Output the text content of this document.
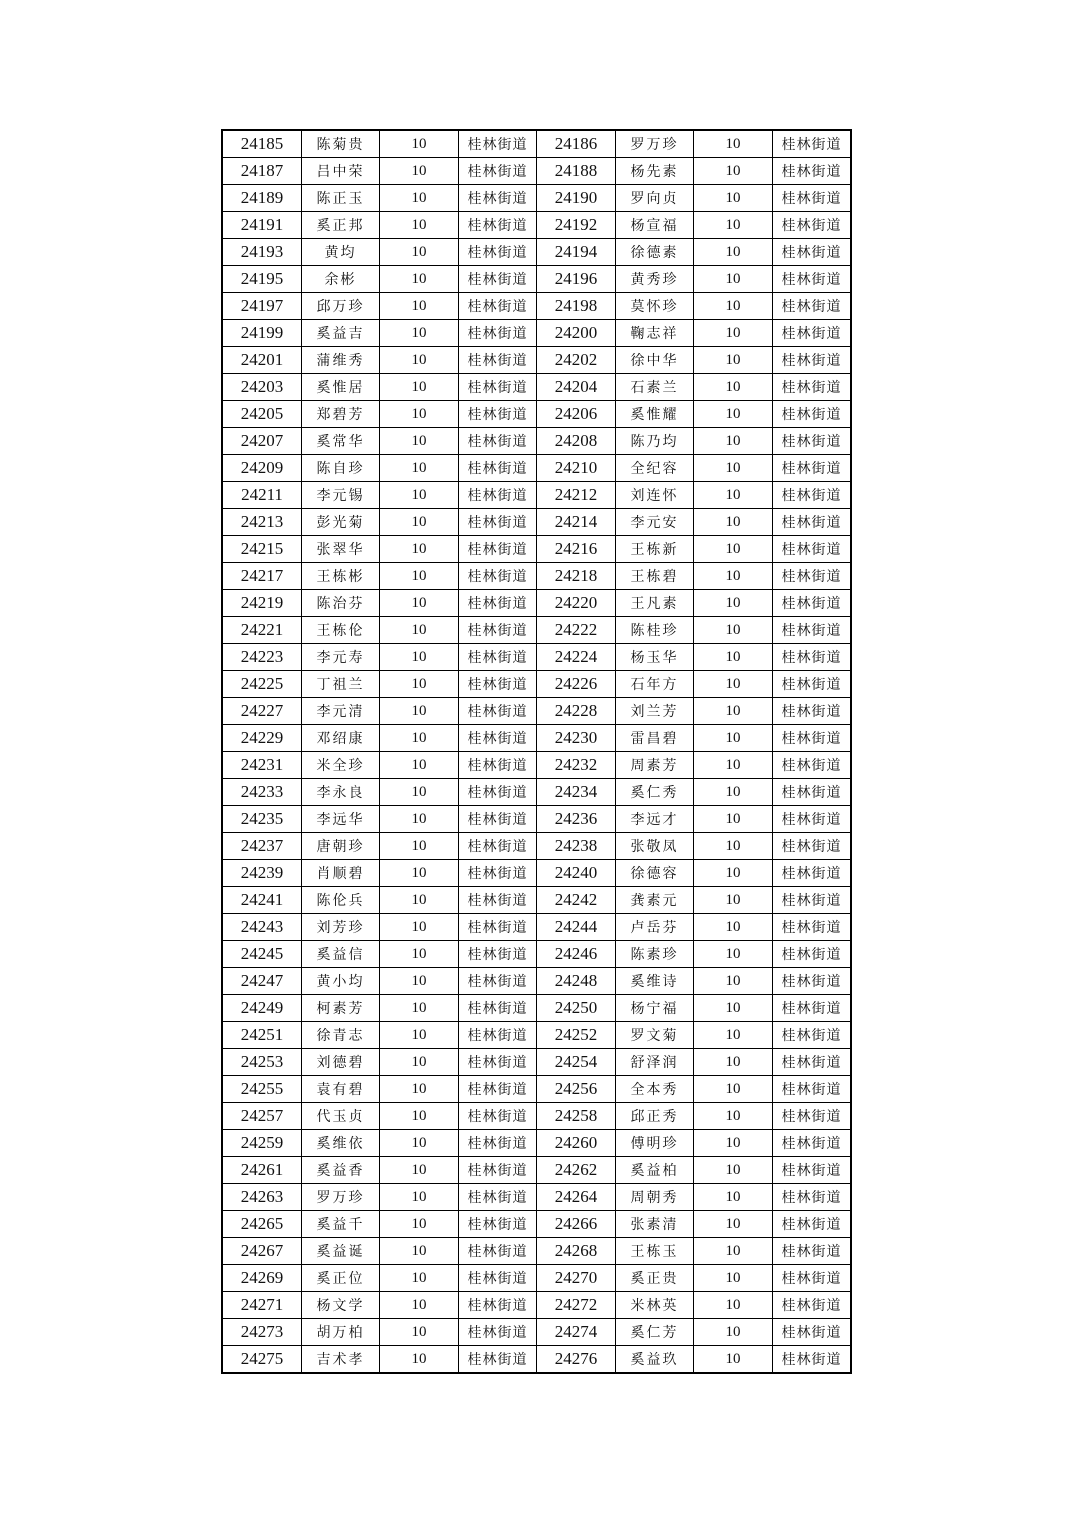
24185	陈菊贵	10	桂林街道	24186	罗万珍	10	桂林街道
24187	吕中荣	10	桂林街道	24188	杨先素	10	桂林街道
24189	陈正玉	10	桂林街道	24190	罗向贞	10	桂林街道
24191	奚正邦	10	桂林街道	24192	杨宣福	10	桂林街道
24193	黄均	10	桂林街道	24194	徐德素	10	桂林街道
24195	余彬	10	桂林街道	24196	黄秀珍	10	桂林街道
24197	邱万珍	10	桂林街道	24198	莫怀珍	10	桂林街道
24199	奚益吉	10	桂林街道	24200	鞠志祥	10	桂林街道
24201	蒲维秀	10	桂林街道	24202	徐中华	10	桂林街道
24203	奚惟居	10	桂林街道	24204	石素兰	10	桂林街道
24205	郑碧芳	10	桂林街道	24206	奚惟耀	10	桂林街道
24207	奚常华	10	桂林街道	24208	陈乃均	10	桂林街道
24209	陈自珍	10	桂林街道	24210	全纪容	10	桂林街道
24211	李元锡	10	桂林街道	24212	刘连怀	10	桂林街道
24213	彭光菊	10	桂林街道	24214	李元安	10	桂林街道
24215	张翠华	10	桂林街道	24216	王栋新	10	桂林街道
24217	王栋彬	10	桂林街道	24218	王栋碧	10	桂林街道
24219	陈治芬	10	桂林街道	24220	王凡素	10	桂林街道
24221	王栋伦	10	桂林街道	24222	陈桂珍	10	桂林街道
24223	李元寿	10	桂林街道	24224	杨玉华	10	桂林街道
24225	丁祖兰	10	桂林街道	24226	石年方	10	桂林街道
24227	李元清	10	桂林街道	24228	刘兰芳	10	桂林街道
24229	邓绍康	10	桂林街道	24230	雷昌碧	10	桂林街道
24231	米全珍	10	桂林街道	24232	周素芳	10	桂林街道
24233	李永良	10	桂林街道	24234	奚仁秀	10	桂林街道
24235	李远华	10	桂林街道	24236	李远才	10	桂林街道
24237	唐朝珍	10	桂林街道	24238	张敬凤	10	桂林街道
24239	肖顺碧	10	桂林街道	24240	徐德容	10	桂林街道
24241	陈伦兵	10	桂林街道	24242	龚素元	10	桂林街道
24243	刘芳珍	10	桂林街道	24244	卢岳芬	10	桂林街道
24245	奚益信	10	桂林街道	24246	陈素珍	10	桂林街道
24247	黄小均	10	桂林街道	24248	奚维诗	10	桂林街道
24249	柯素芳	10	桂林街道	24250	杨宁福	10	桂林街道
24251	徐青志	10	桂林街道	24252	罗文菊	10	桂林街道
24253	刘德碧	10	桂林街道	24254	舒泽润	10	桂林街道
24255	袁有碧	10	桂林街道	24256	全本秀	10	桂林街道
24257	代玉贞	10	桂林街道	24258	邱正秀	10	桂林街道
24259	奚维依	10	桂林街道	24260	傅明珍	10	桂林街道
24261	奚益香	10	桂林街道	24262	奚益柏	10	桂林街道
24263	罗万珍	10	桂林街道	24264	周朝秀	10	桂林街道
24265	奚益千	10	桂林街道	24266	张素清	10	桂林街道
24267	奚益诞	10	桂林街道	24268	王栋玉	10	桂林街道
24269	奚正位	10	桂林街道	24270	奚正贵	10	桂林街道
24271	杨文学	10	桂林街道	24272	米林英	10	桂林街道
24273	胡万柏	10	桂林街道	24274	奚仁芳	10	桂林街道
24275	吉术孝	10	桂林街道	24276	奚益玖	10	桂林街道
